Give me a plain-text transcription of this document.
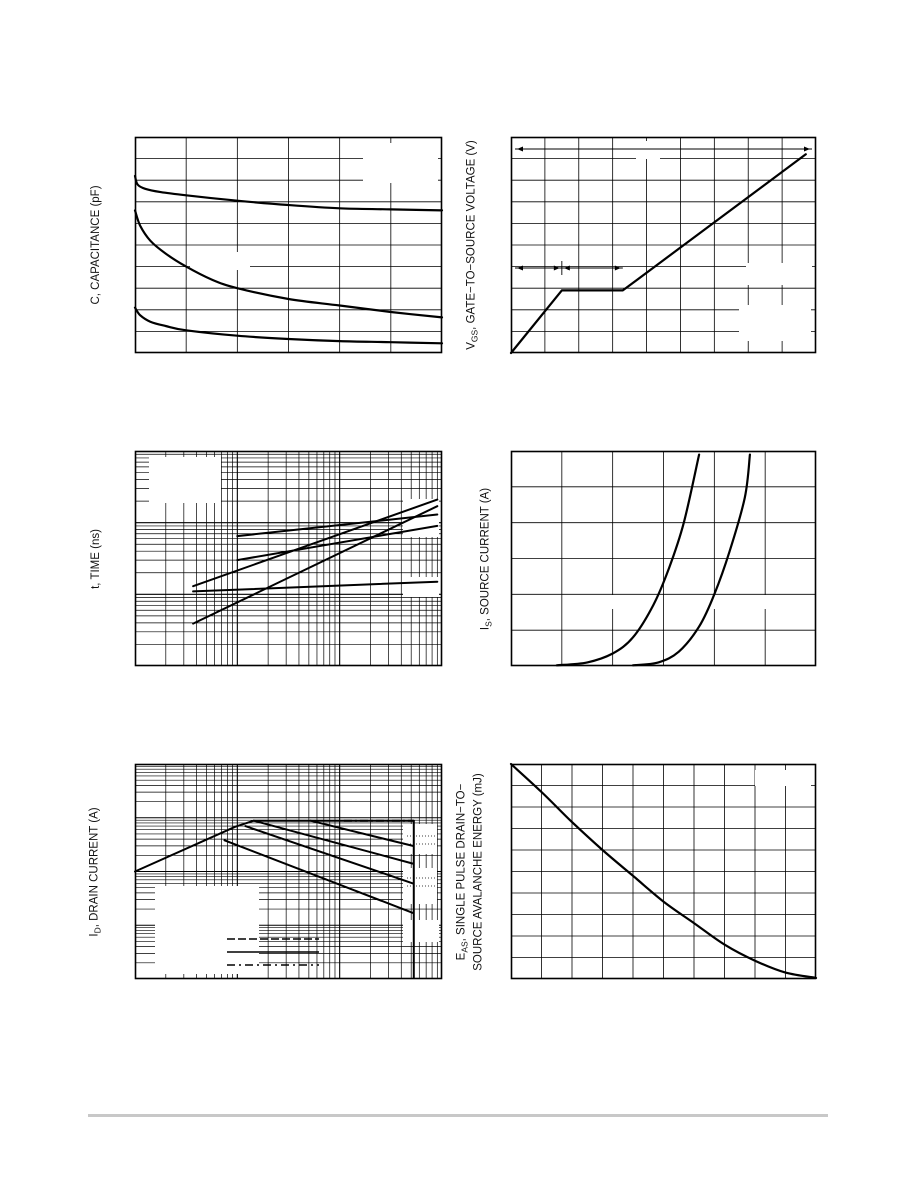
C, CAPACITANCE (pF)
$V_{GS}$, GATE−TO−SOURCE VOLTAGE (V)
t, TIME (ns)
$I_S$, SOURCE CURRENT (A)
$I_D$, DRAIN CURRENT (A)
$E_{AS}$, SINGLE PULSE DRAIN−TO− SOURCE AVALANCHE ENERGY (mJ)
